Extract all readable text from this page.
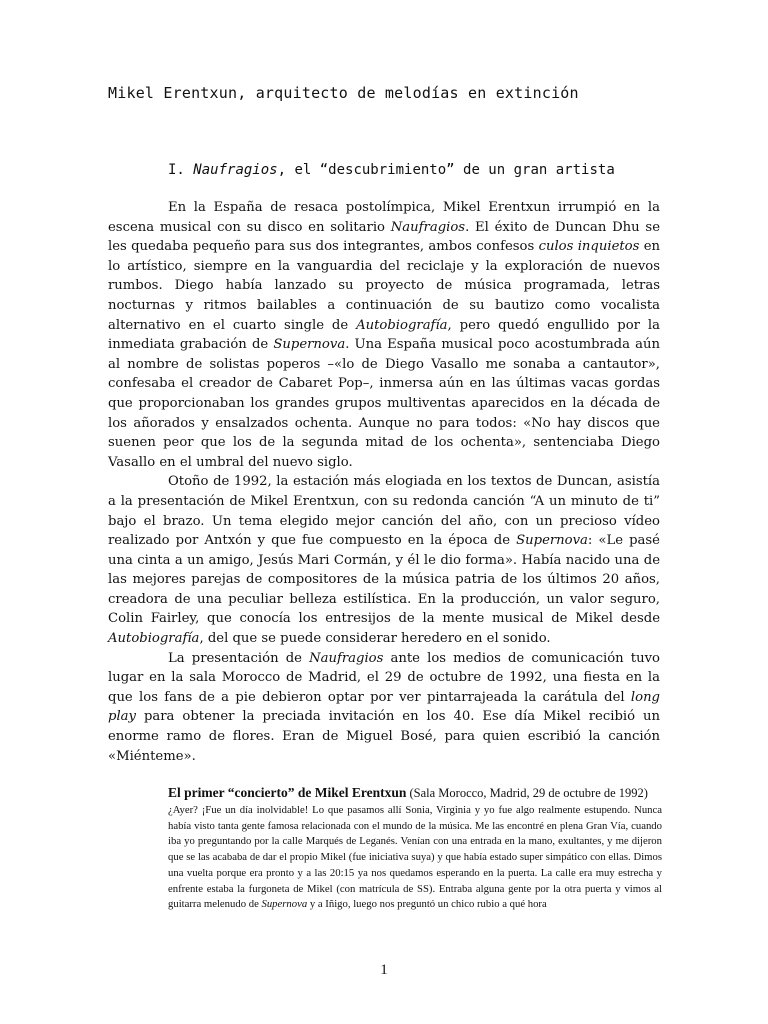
Mikel Erentxun, arquitecto de melodías en extinción
I. Naufragios, el “descubrimiento” de un gran artista

En la España de resaca postolímpica, Mikel Erentxun irrumpió en la escena musical con su disco en solitario Naufragios. El éxito de Duncan Dhu se les quedaba pequeño para sus dos integrantes, ambos confesos culos inquietos en lo artístico, siempre en la vanguardia del reciclaje y la exploración de nuevos rumbos. Diego había lanzado su proyecto de música programada, letras nocturnas y ritmos bailables a continuación de su bautizo como vocalista alternativo en el cuarto single de Autobiografía, pero quedó engullido por la inmediata grabación de Supernova. Una España musical poco acostumbrada aún al nombre de solistas poperos –«lo de Diego Vasallo me sonaba a cantautor», confesaba el creador de Cabaret Pop–, inmersa aún en las últimas vacas gordas que proporcionaban los grandes grupos multiventas aparecidos en la década de los añorados y ensalzados ochenta. Aunque no para todos: «No hay discos que suenen peor que los de la segunda mitad de los ochenta», sentenciaba Diego Vasallo en el umbral del nuevo siglo.

Otoño de 1992, la estación más elogiada en los textos de Duncan, asistía a la presentación de Mikel Erentxun, con su redonda canción “A un minuto de ti” bajo el brazo. Un tema elegido mejor canción del año, con un precioso vídeo realizado por Antxón y que fue compuesto en la época de Supernova: «Le pasé una cinta a un amigo, Jesús Mari Cormán, y él le dio forma». Había nacido una de las mejores parejas de compositores de la música patria de los últimos 20 años, creadora de una peculiar belleza estilística. En la producción, un valor seguro, Colin Fairley, que conocía los entresijos de la mente musical de Mikel desde Autobiografía, del que se puede considerar heredero en el sonido.

La presentación de Naufragios ante los medios de comunicación tuvo lugar en la sala Morocco de Madrid, el 29 de octubre de 1992, una fiesta en la que los fans de a pie debieron optar por ver pintarrajeada la carátula del long play para obtener la preciada invitación en los 40. Ese día Mikel recibió un enorme ramo de flores. Eran de Miguel Bosé, para quien escribió la canción «Miénteme».

El primer “concierto” de Mikel Erentxun (Sala Morocco, Madrid, 29 de octubre de 1992)

¿Ayer? ¡Fue un día inolvidable! Lo que pasamos allí Sonia, Virginia y yo fue algo realmente estupendo. Nunca había visto tanta gente famosa relacionada con el mundo de la música. Me las encontré en plena Gran Vía, cuando iba yo preguntando por la calle Marqués de Leganés. Venían con una entrada en la mano, exultantes, y me dijeron que se las acababa de dar el propio Mikel (fue iniciativa suya) y que había estado super simpático con ellas. Dimos una vuelta porque era pronto y a las 20:15 ya nos quedamos esperando en la puerta. La calle era muy estrecha y enfrente estaba la furgoneta de Mikel (con matrícula de SS). Entraba alguna gente por la otra puerta y vimos al guitarra melenudo de Supernova y a Iñigo, luego nos preguntó un chico rubio a qué hora

1
